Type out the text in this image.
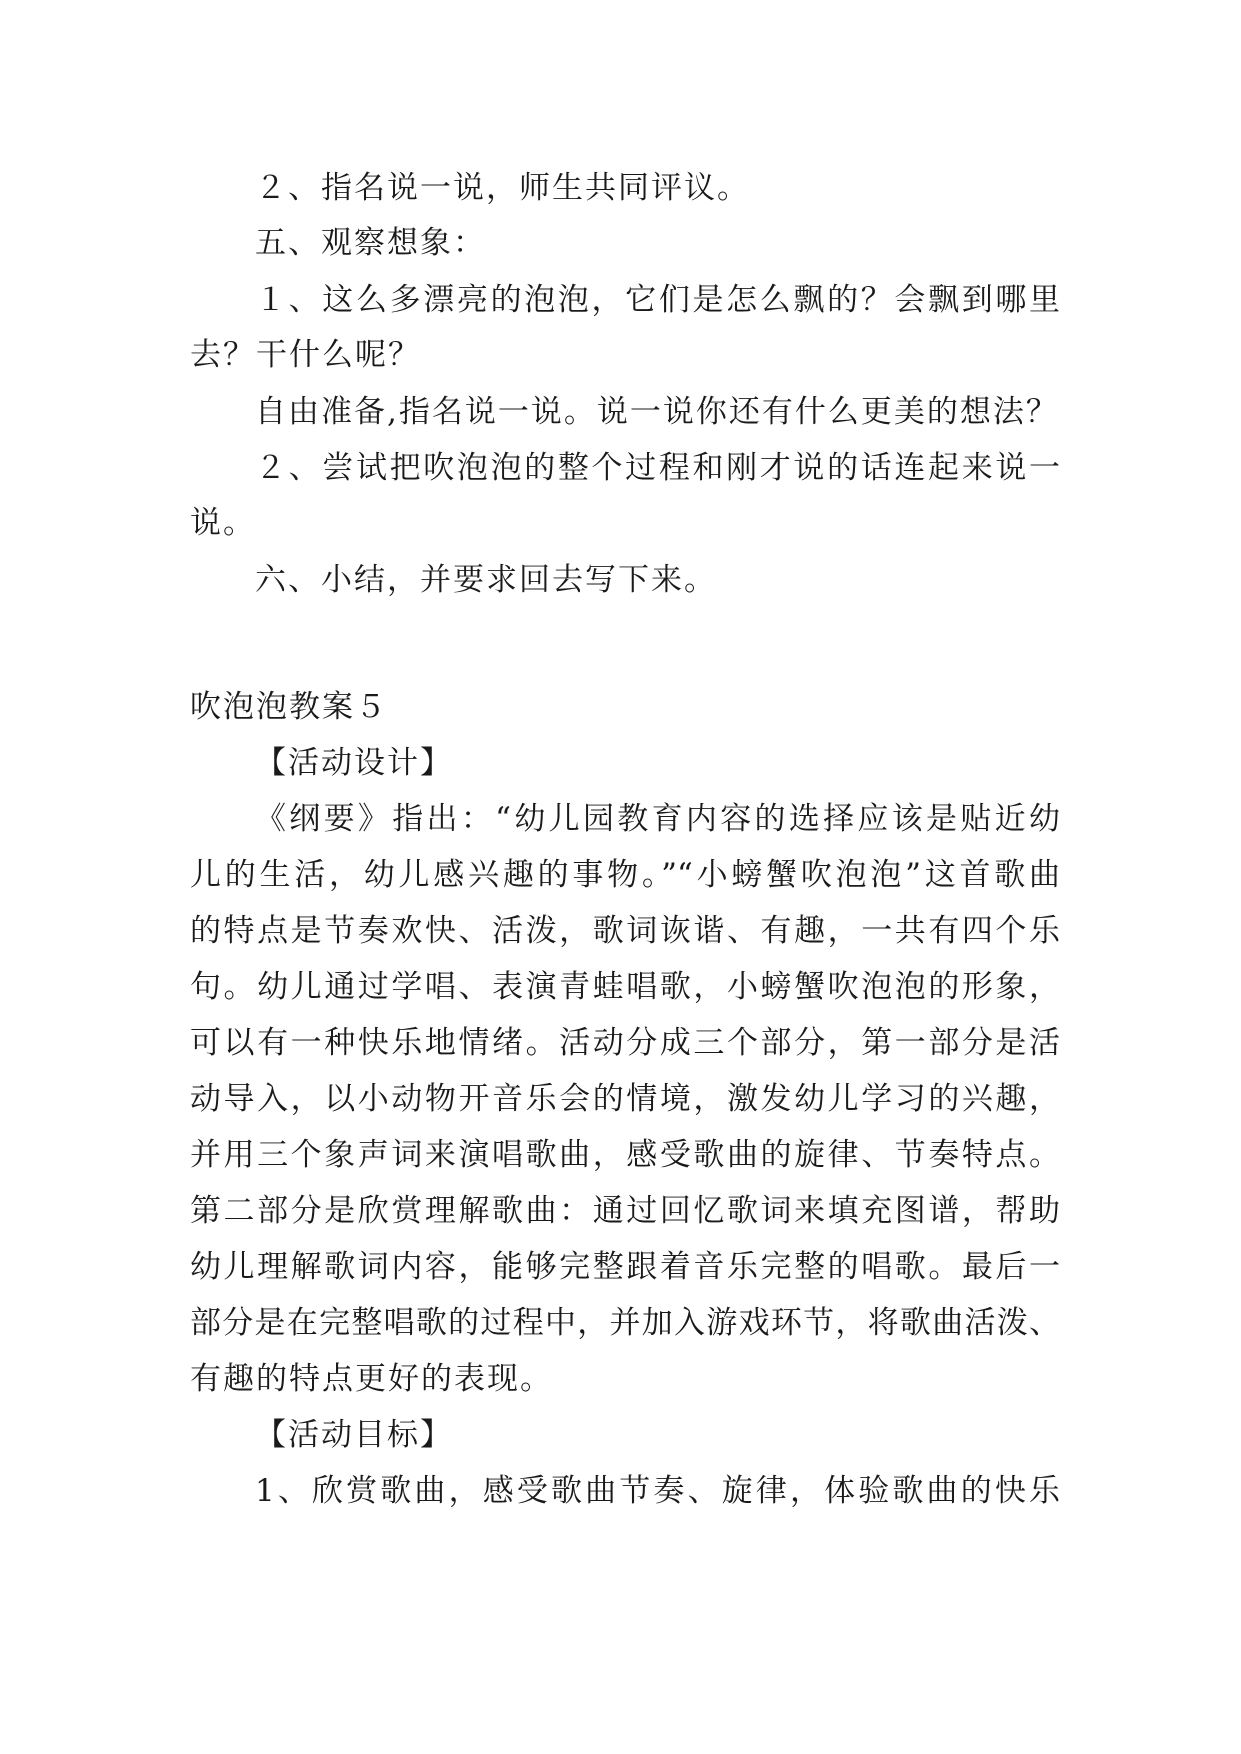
２、指名说一说，师生共同评议。
五、观察想象：
１、这么多漂亮的泡泡，它们是怎么飘的？会飘到哪里
去？干什么呢？
自由准备,指名说一说。说一说你还有什么更美的想法？
２、尝试把吹泡泡的整个过程和刚才说的话连起来说一
说。
六、小结，并要求回去写下来。
吹泡泡教案５
【活动设计】
《纲要》指出：“幼儿园教育内容的选择应该是贴近幼
儿的生活，幼儿感兴趣的事物。”“小螃蟹吹泡泡”这首歌曲
的特点是节奏欢快、活泼，歌词诙谐、有趣，一共有四个乐
句。幼儿通过学唱、表演青蛙唱歌，小螃蟹吹泡泡的形象，
可以有一种快乐地情绪。活动分成三个部分，第一部分是活
动导入，以小动物开音乐会的情境，激发幼儿学习的兴趣，
并用三个象声词来演唱歌曲，感受歌曲的旋律、节奏特点。
第二部分是欣赏理解歌曲：通过回忆歌词来填充图谱，帮助
幼儿理解歌词内容，能够完整跟着音乐完整的唱歌。最后一
部分是在完整唱歌的过程中，并加入游戏环节，将歌曲活泼、
有趣的特点更好的表现。
【活动目标】
1、欣赏歌曲，感受歌曲节奏、旋律，体验歌曲的快乐
